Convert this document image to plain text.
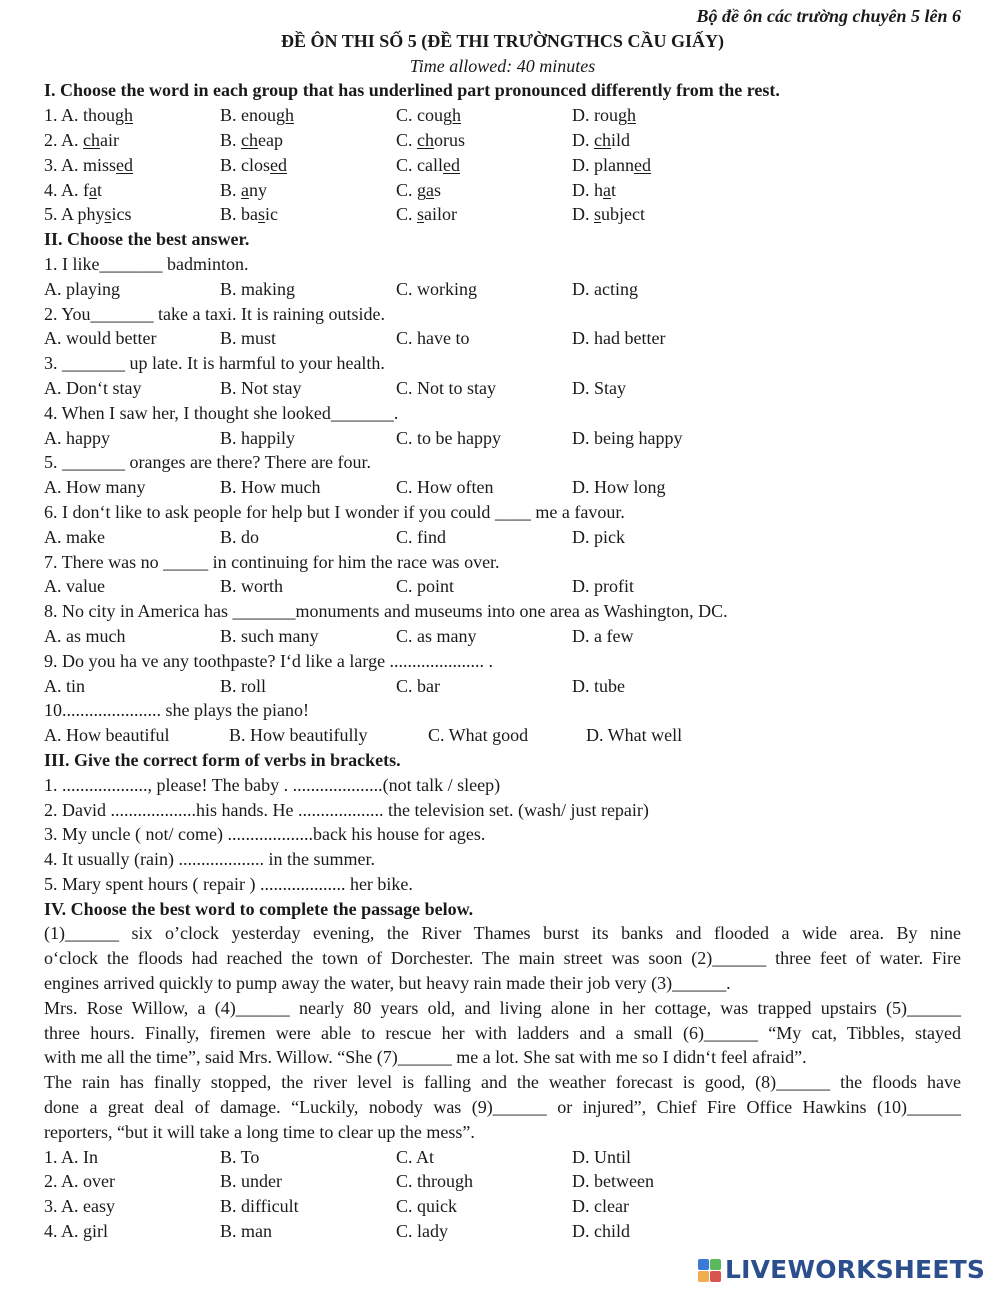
Bộ đề ôn các trường chuyên 5 lên 6
ĐỀ ÔN THI SỐ 5 (ĐỀ THI TRƯỜNGTHCS CẦU GIẤY)
Time allowed: 40 minutes
I. Choose the word in each group that has underlined part pronounced differently from the rest.
1. A. though	B. enough	C. cough	D. rough
2. A. chair	B. cheap	C. chorus	D. child
3. A. missed	B. closed	C. called	D. planned
4. A. fat	B. any	C. gas	D. hat
5. A physics	B. basic	C. sailor	D. subject
II. Choose the best answer.
1. I like_______ badminton.
A. playing	B. making	C. working	D. acting
2. You_______ take a taxi. It is raining outside.
A. would better	B. must	C. have to	D. had better
3. _______ up late. It is harmful to your health.
A. Don‘t stay	B. Not stay	C. Not to stay	D. Stay
4. When I saw her, I thought she looked_______.
A. happy	B. happily	C. to be happy	D. being happy
5. _______ oranges are there? There are four.
A. How many	B. How much	C. How often	D. How long
6. I don‘t like to ask people for help but I wonder if you could ____ me a favour.
A. make	B. do	C. find	D. pick
7. There was no _____ in continuing for him the race was over.
A. value	B. worth	C. point	D. profit
8. No city in America has _______monuments and museums into one area as Washington, DC.
A. as much	B. such many	C. as many	D. a few
9. Do you ha ve any toothpaste? I‘d like a large ..................... .
A. tin	B. roll	C. bar	D. tube
10...................... she plays the piano!
A. How beautiful	B. How beautifully	C. What good	D. What well
III. Give the correct form of verbs in brackets.
1. ..................., please! The baby . ....................(not talk / sleep)
2. David ...................his hands. He ................... the television set. (wash/ just repair)
3. My uncle ( not/ come) ...................back his house for ages.
4. It usually (rain) ................... in the summer.
5. Mary spent hours ( repair ) ................... her bike.
IV. Choose the best word to complete the passage below.
(1)______ six o’clock yesterday evening, the River Thames burst its banks and flooded a wide area. By nine
o‘clock the floods had reached the town of Dorchester. The main street was soon (2)______ three feet of water. Fire
engines arrived quickly to pump away the water, but heavy rain made their job very (3)______.
Mrs. Rose Willow, a (4)______ nearly 80 years old, and living alone in her cottage, was trapped upstairs (5)______
three hours. Finally, firemen were able to rescue her with ladders and a small (6)______ “My cat, Tibbles, stayed
with me all the time”, said Mrs. Willow. “She (7)______ me a lot. She sat with me so I didn‘t feel afraid”.
The rain has finally stopped, the river level is falling and the weather forecast is good, (8)______ the floods have
done a great deal of damage. “Luckily, nobody was (9)______ or injured”, Chief Fire Office Hawkins (10)______
reporters, “but it will take a long time to clear up the mess”.
1. A. In	B. To	C. At	D. Until
2. A. over	B. under	C. through	D. between
3. A. easy	B. difficult	C. quick	D. clear
4. A. girl	B. man	C. lady	D. child
LIVEWORKSHEETS
